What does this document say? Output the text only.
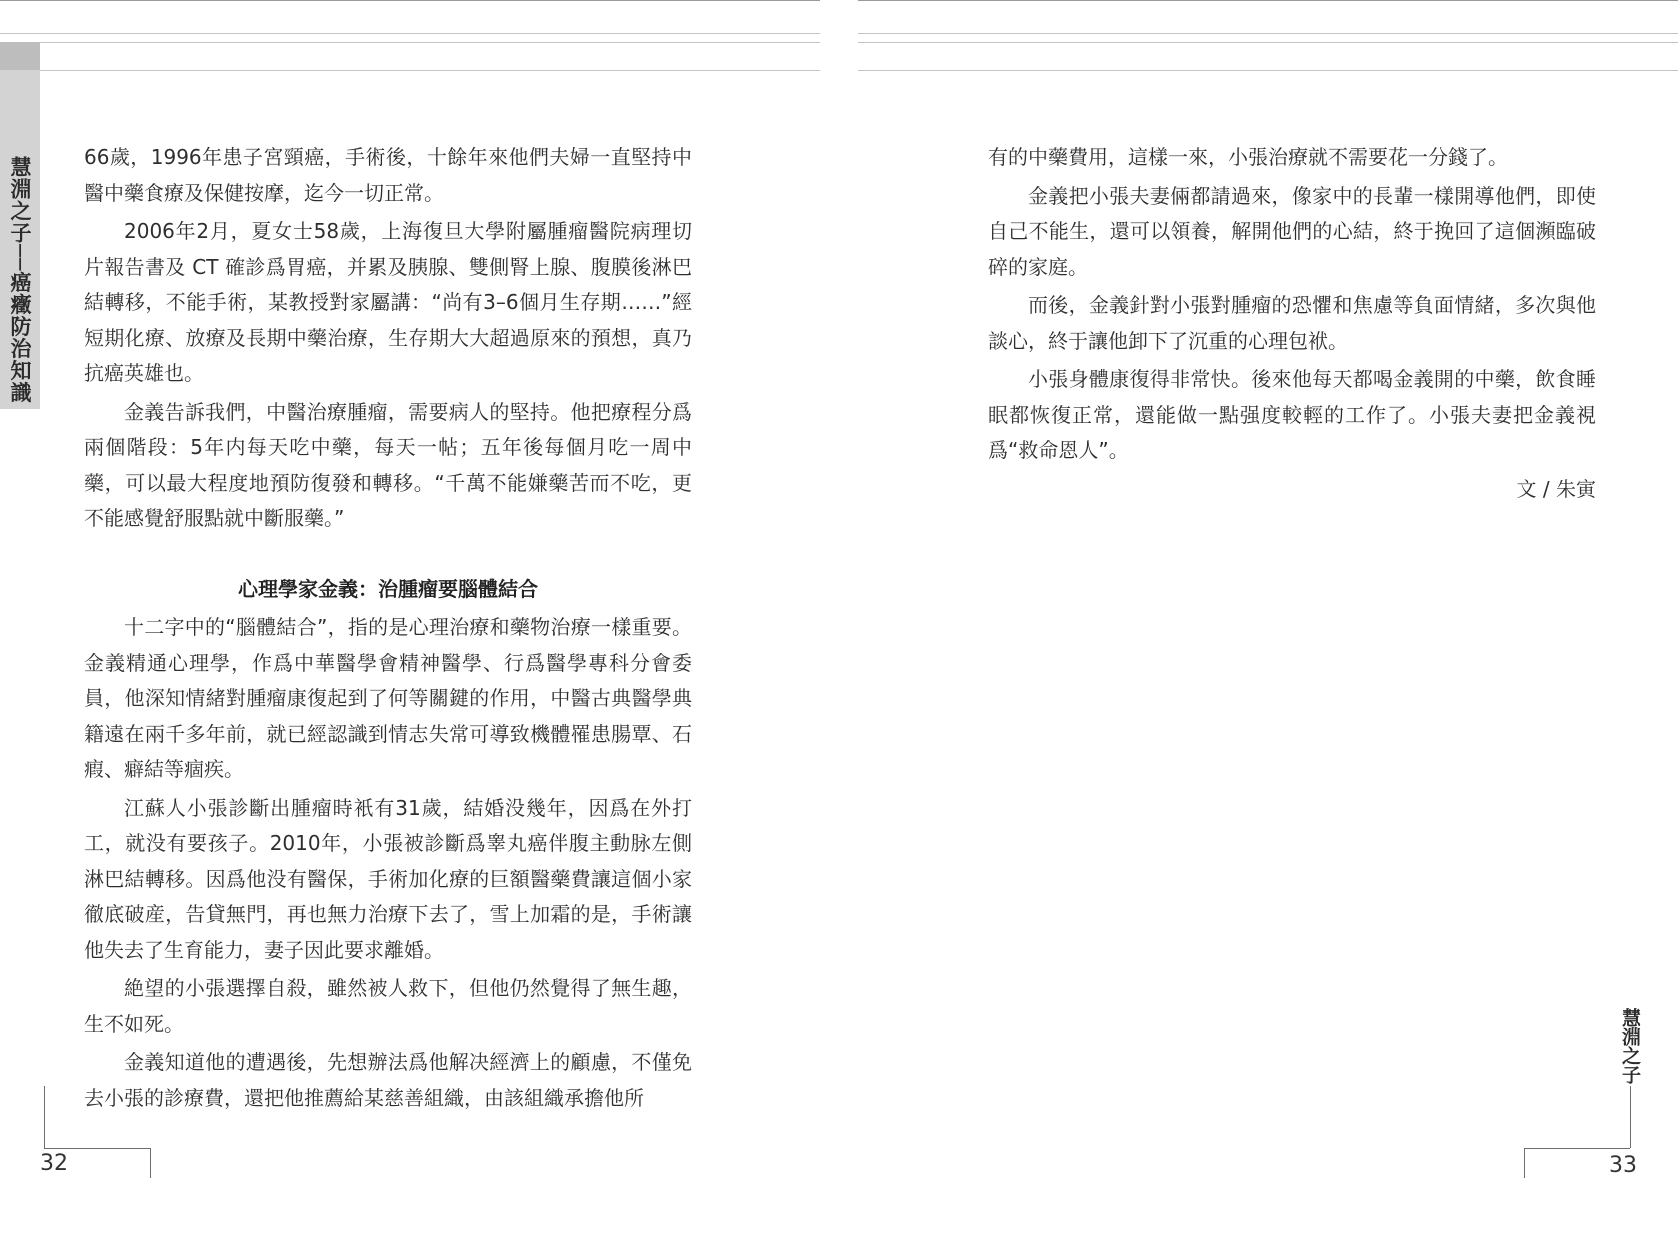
慧淵之子──癌癥防治知識	66歲，1996年患子宮頸癌，手術後，十餘年來他們夫婦一直堅持中醫中藥食療及保健按摩，迄今一切正常。

2006年2月，夏女士58歲，上海復旦大學附屬腫瘤醫院病理切片報告書及 CT 確診爲胃癌，并累及胰腺、雙側腎上腺、腹膜後淋巴結轉移，不能手術，某教授對家屬講：“尚有3–6個月生存期……”經短期化療、放療及長期中藥治療，生存期大大超過原來的預想，真乃抗癌英雄也。

金義告訴我們，中醫治療腫瘤，需要病人的堅持。他把療程分爲兩個階段：5年内每天吃中藥，每天一帖；五年後每個月吃一周中藥，可以最大程度地預防復發和轉移。“千萬不能嫌藥苦而不吃，更不能感覺舒服點就中斷服藥。”

心理學家金義：治腫瘤要腦體結合

十二字中的“腦體結合”，指的是心理治療和藥物治療一樣重要。金義精通心理學，作爲中華醫學會精神醫學、行爲醫學專科分會委員，他深知情緒對腫瘤康復起到了何等關鍵的作用，中醫古典醫學典籍遠在兩千多年前，就已經認識到情志失常可導致機體罹患腸覃、石瘕、癖結等痼疾。

江蘇人小張診斷出腫瘤時衹有31歲，結婚没幾年，因爲在外打工，就没有要孩子。2010年，小張被診斷爲睾丸癌伴腹主動脉左側淋巴結轉移。因爲他没有醫保，手術加化療的巨額醫藥費讓這個小家徹底破産，告貸無門，再也無力治療下去了，雪上加霜的是，手術讓他失去了生育能力，妻子因此要求離婚。

絶望的小張選擇自殺，雖然被人救下，但他仍然覺得了無生趣，生不如死。

金義知道他的遭遇後，先想辦法爲他解决經濟上的顧慮，不僅免去小張的診療費，還把他推薦給某慈善組織，由該組織承擔他所

有的中藥費用，這樣一來，小張治療就不需要花一分錢了。

金義把小張夫妻倆都請過來，像家中的長輩一樣開導他們，即使自己不能生，還可以領養，解開他們的心結，終于挽回了這個瀕臨破碎的家庭。

而後，金義針對小張對腫瘤的恐懼和焦慮等負面情緒，多次與他談心，終于讓他卸下了沉重的心理包袱。

小張身體康復得非常快。後來他每天都喝金義開的中藥，飲食睡眠都恢復正常，還能做一點强度較輕的工作了。小張夫妻把金義視爲“救命恩人”。

文 / 朱寅

32
慧淵之子
33
